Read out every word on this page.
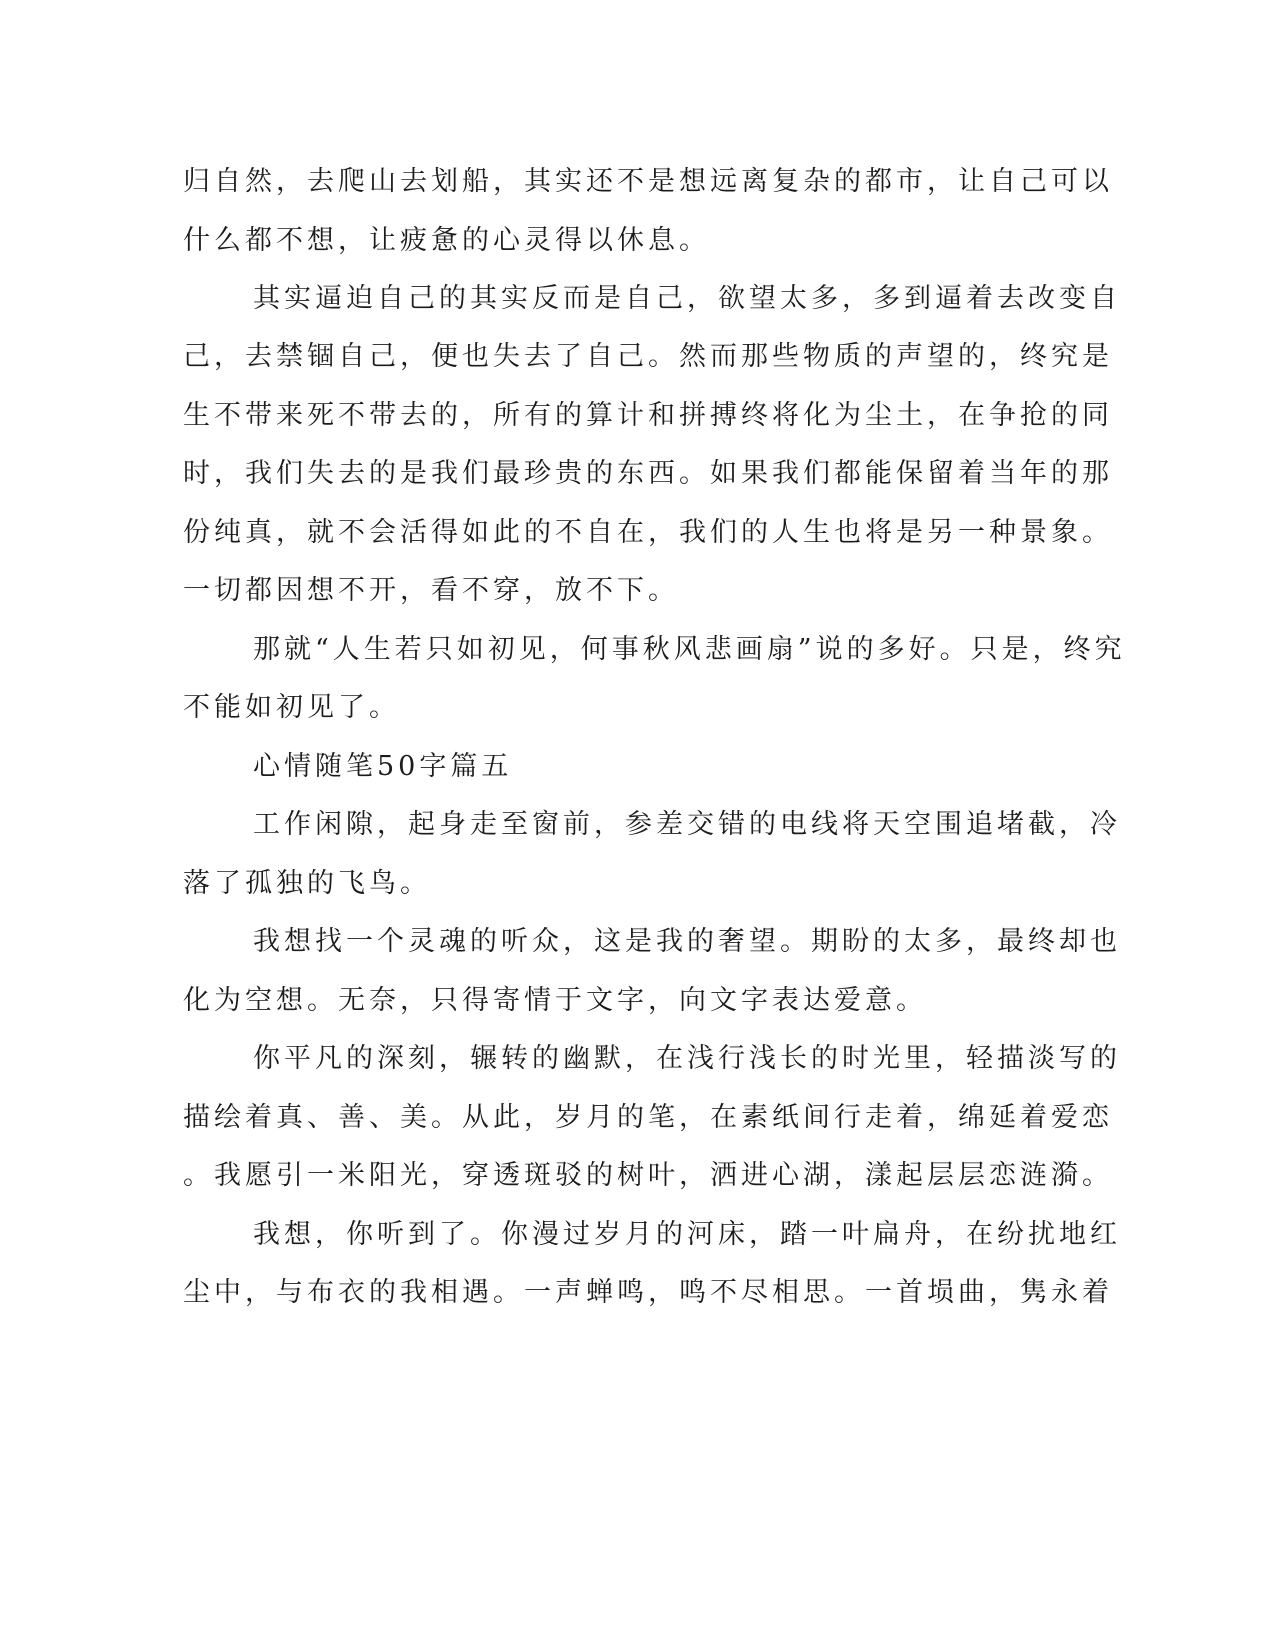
归自然，去爬山去划船，其实还不是想远离复杂的都市，让自己可以
什么都不想，让疲惫的心灵得以休息。
其实逼迫自己的其实反而是自己，欲望太多，多到逼着去改变自
己，去禁锢自己，便也失去了自己。然而那些物质的声望的，终究是
生不带来死不带去的，所有的算计和拼搏终将化为尘土，在争抢的同
时，我们失去的是我们最珍贵的东西。如果我们都能保留着当年的那
份纯真，就不会活得如此的不自在，我们的人生也将是另一种景象。
一切都因想不开，看不穿，放不下。
那就“人生若只如初见，何事秋风悲画扇”说的多好。只是，终究
不能如初见了。
心情随笔50字篇五
工作闲隙，起身走至窗前，参差交错的电线将天空围追堵截，冷
落了孤独的飞鸟。
我想找一个灵魂的听众，这是我的奢望。期盼的太多，最终却也
化为空想。无奈，只得寄情于文字，向文字表达爱意。
你平凡的深刻，辗转的幽默，在浅行浅长的时光里，轻描淡写的
描绘着真、善、美。从此，岁月的笔，在素纸间行走着，绵延着爱恋
。我愿引一米阳光，穿透斑驳的树叶，洒进心湖，漾起层层恋涟漪。
我想，你听到了。你漫过岁月的河床，踏一叶扁舟，在纷扰地红
尘中，与布衣的我相遇。一声蝉鸣，鸣不尽相思。一首埙曲，隽永着
